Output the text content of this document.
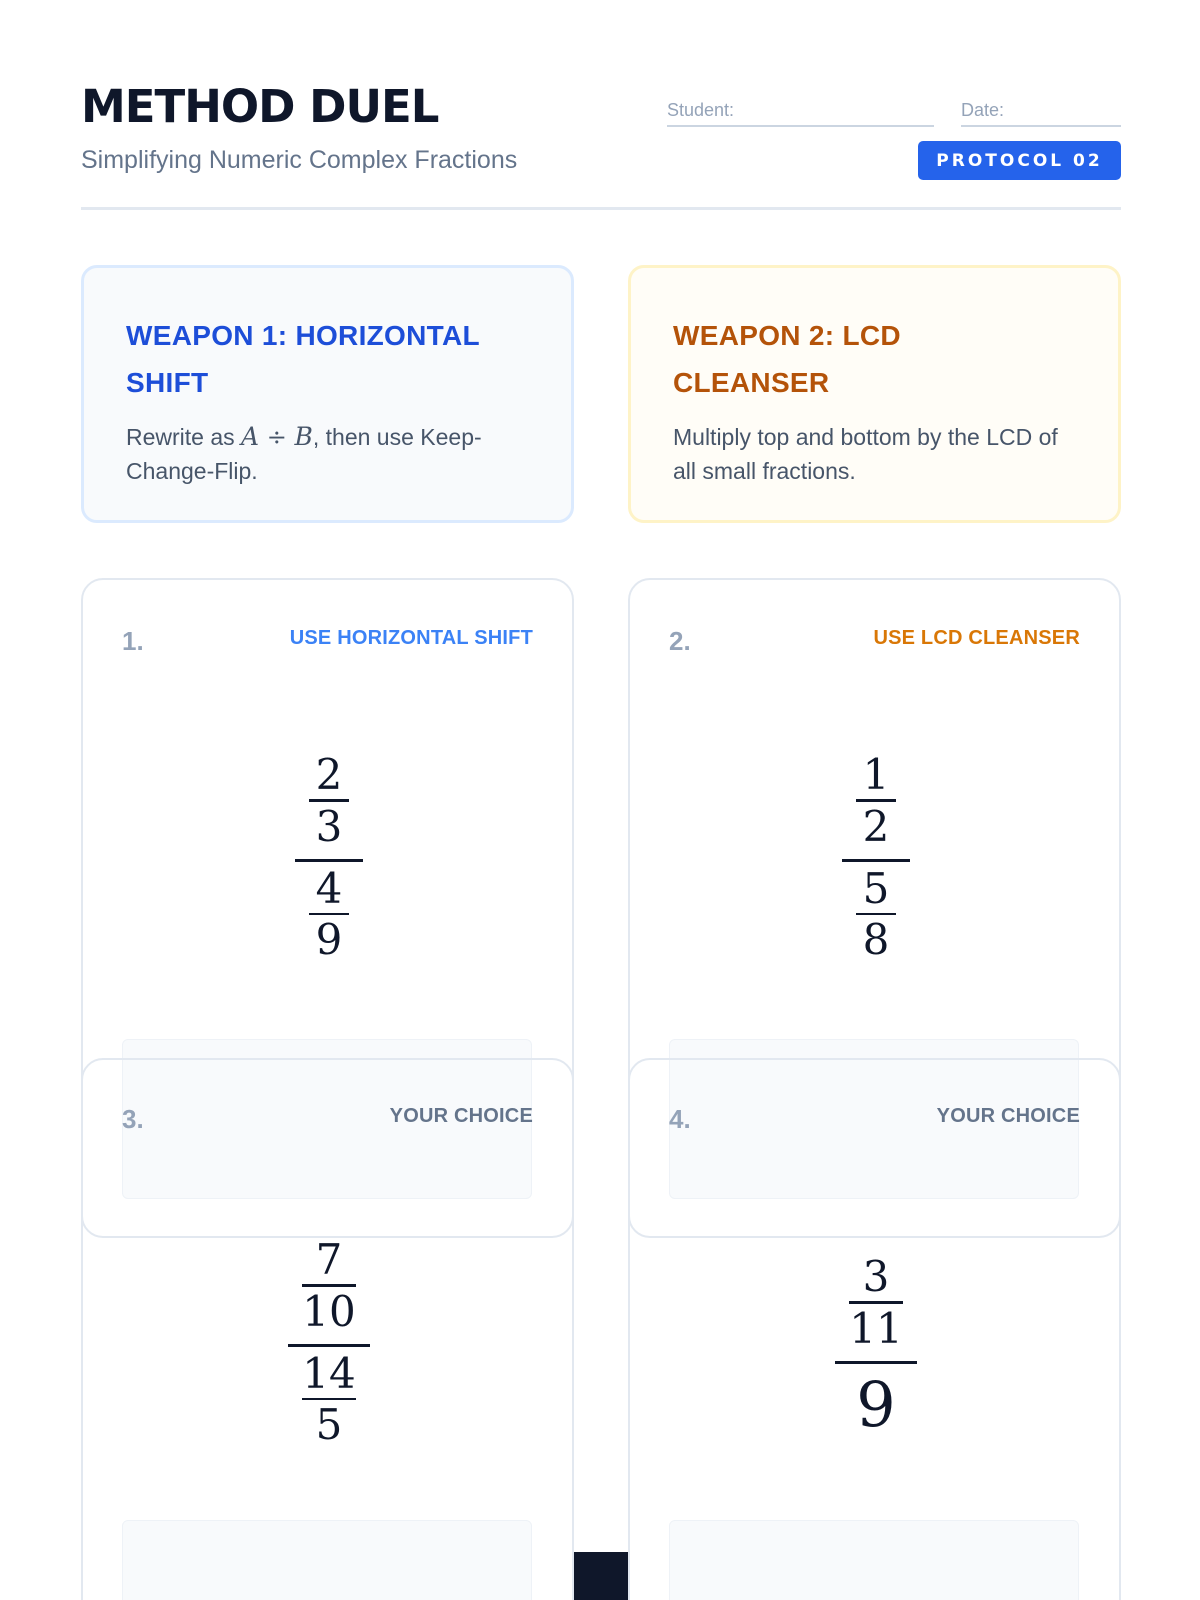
METHOD DUEL
Simplifying Numeric Complex Fractions
Student:	Date:
PROTOCOL 02
WEAPON 1: HORIZONTAL
SHIFT
Rewrite as A ÷ B, then use Keep-Change-Flip.
WEAPON 2: LCD
CLEANSER
Multiply top and bottom by the LCD of all small fractions.
1.	USE HORIZONTAL SHIFT
2
3
4
9
7
10
14
5
2.	USE LCD CLEANSER
1
2
5
8
3
11
9
3.	YOUR CHOICE	4.	YOUR CHOICE
